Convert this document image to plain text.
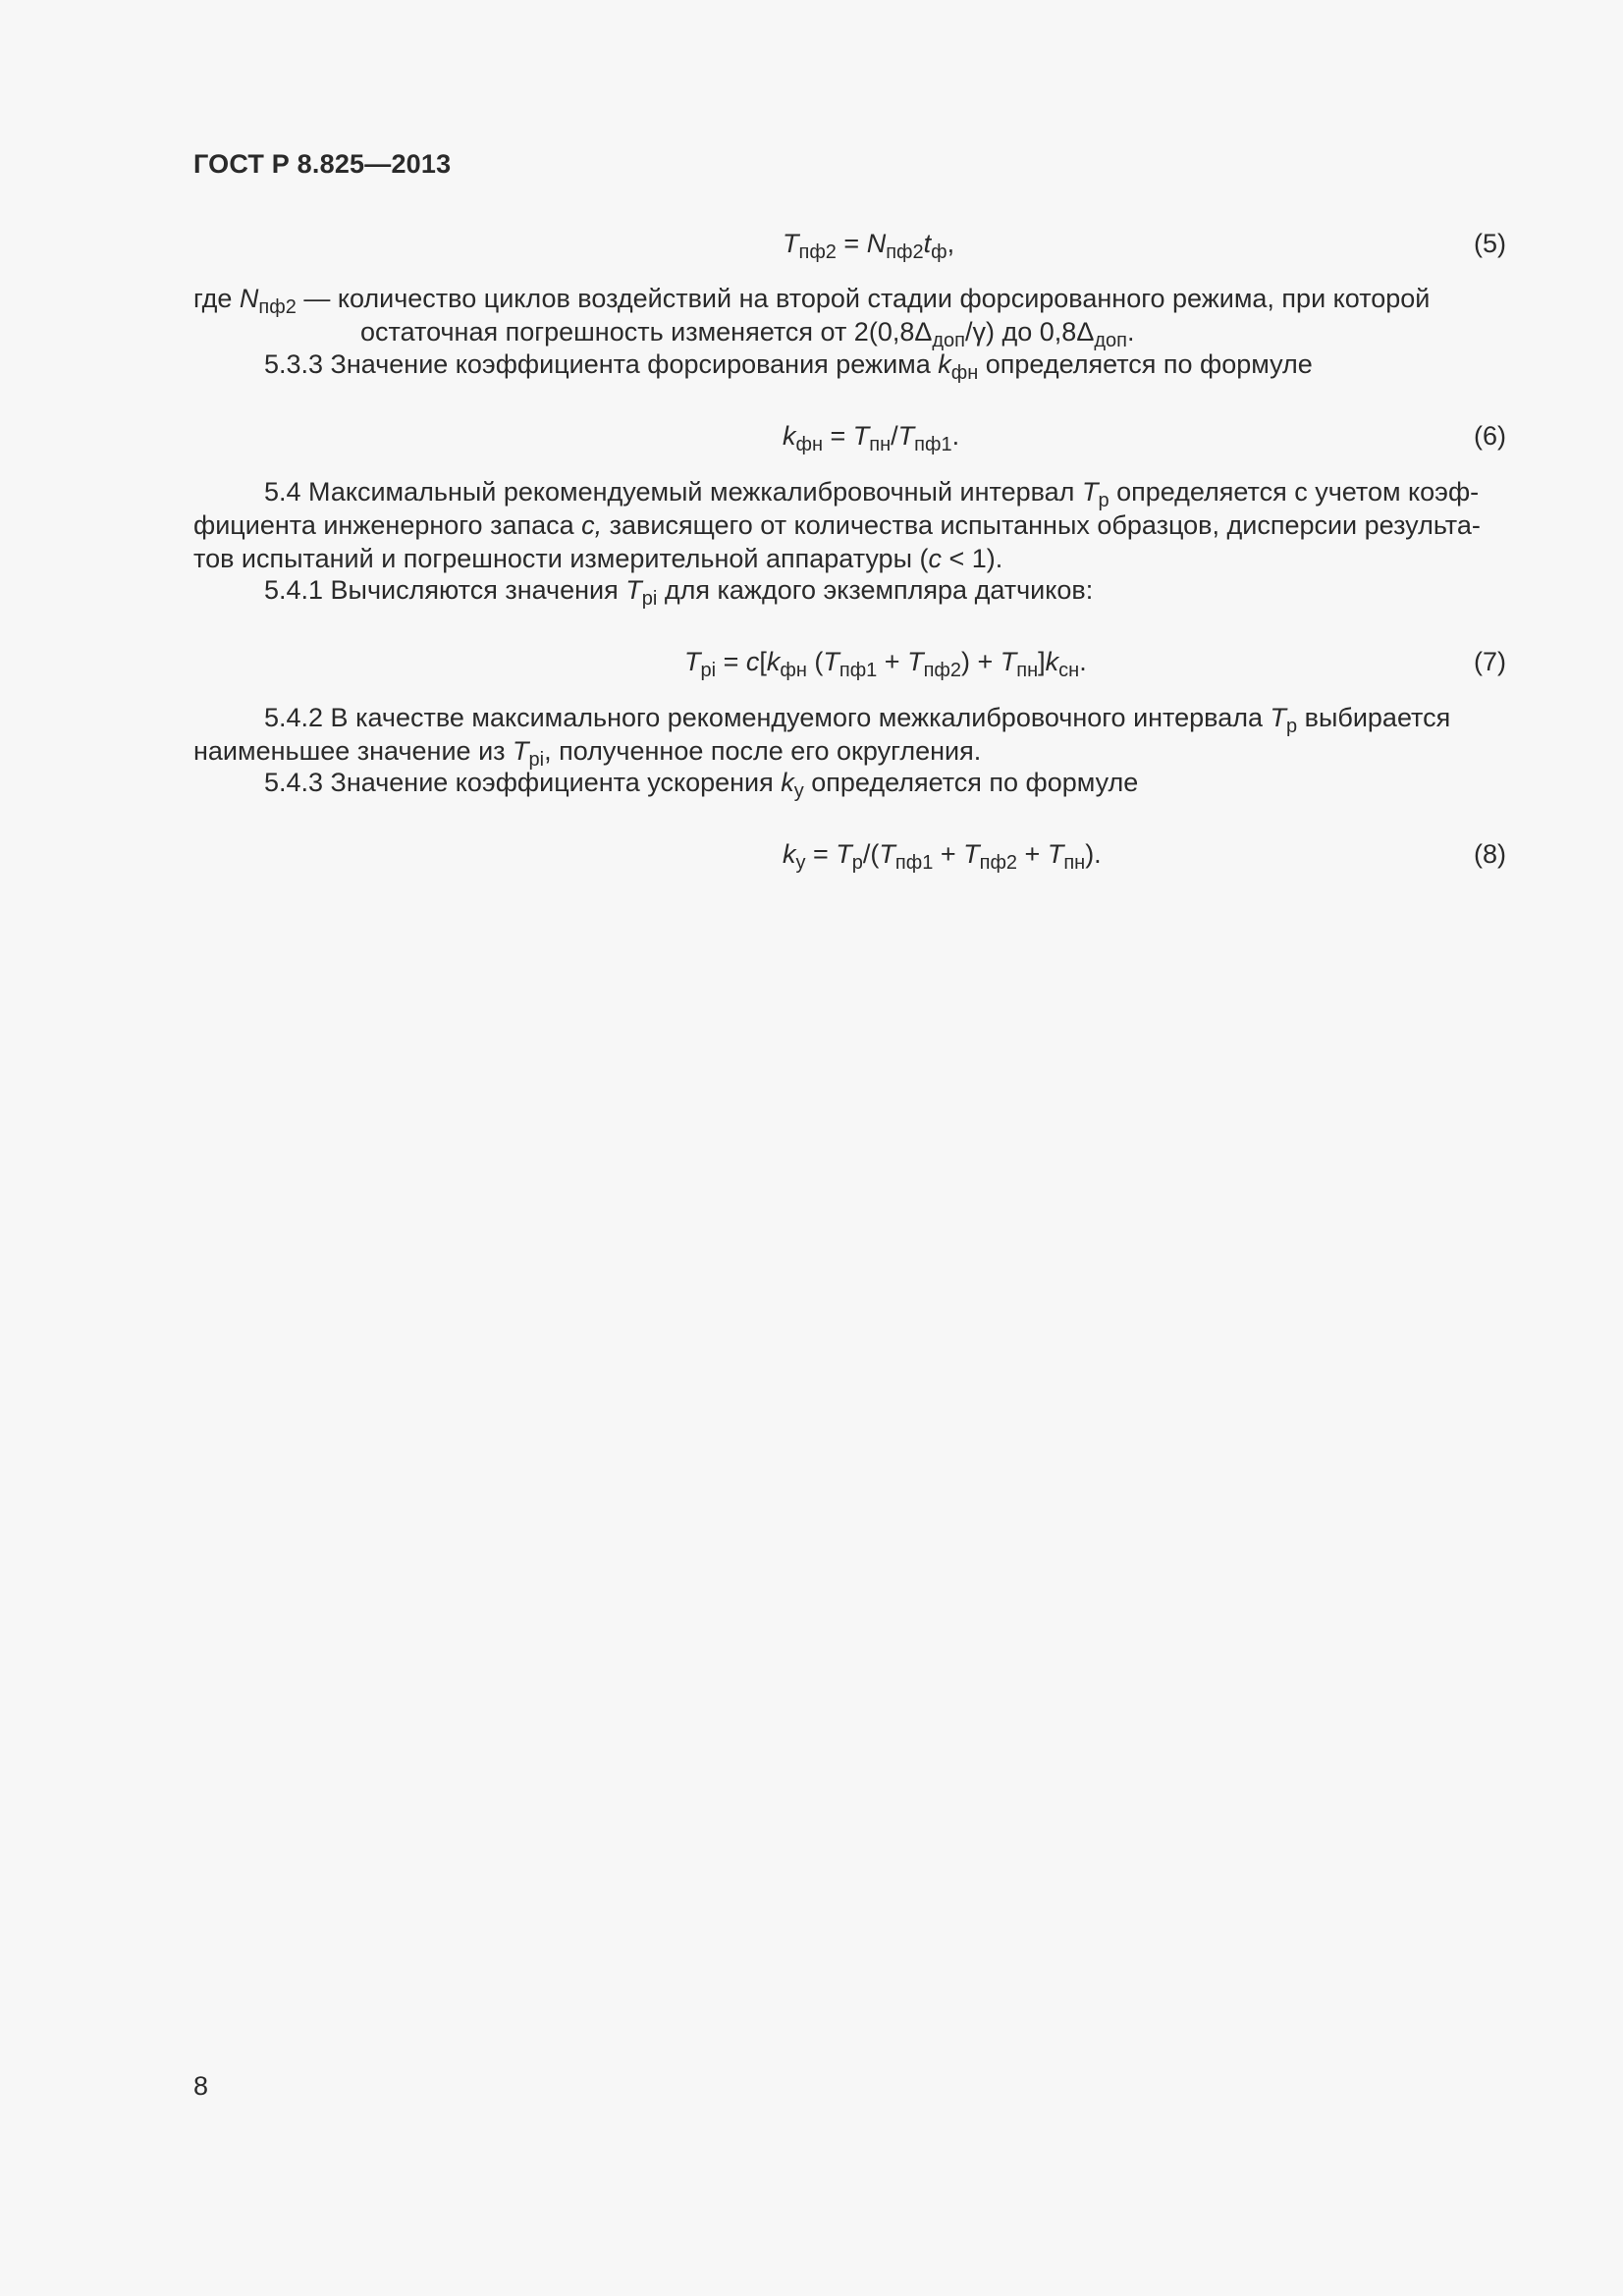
ГОСТ Р 8.825—2013
$T_{пф2} = N_{пф2}t_ф$,	(5)
где $N_{пф2}$ — количество циклов воздействий на второй стадии форсированного режима, при которой
остаточная погрешность изменяется от $2(0,8\Delta_{доп}/\gamma)$ до $0,8\Delta_{доп}$.
5.3.3 Значение коэффициента форсирования режима $k_{фн}$ определяется по формуле
$k_{фн} = T_{пн}/T_{пф1}$.	(6)
5.4 Максимальный рекомендуемый межкалибровочный интервал $T_р$ определяется с учетом коэф-
фициента инженерного запаса c, зависящего от количества испытанных образцов, дисперсии результа-
тов испытаний и погрешности измерительной аппаратуры (c < 1).
5.4.1 Вычисляются значения $T_{рi}$ для каждого экземпляра датчиков:
$T_{рi} = c[k_{фн}$ $(T_{пф1} + T_{пф2}) + T_{пн}]k_{сн}$.	(7)
5.4.2 В качестве максимального рекомендуемого межкалибровочного интервала $T_р$ выбирается
наименьшее значение из $T_{рi}$, полученное после его округления.
5.4.3 Значение коэффициента ускорения $k_у$ определяется по формуле
$k_у = T_р/(T_{пф1} + T_{пф2} + T_{пн})$.	(8)
8
